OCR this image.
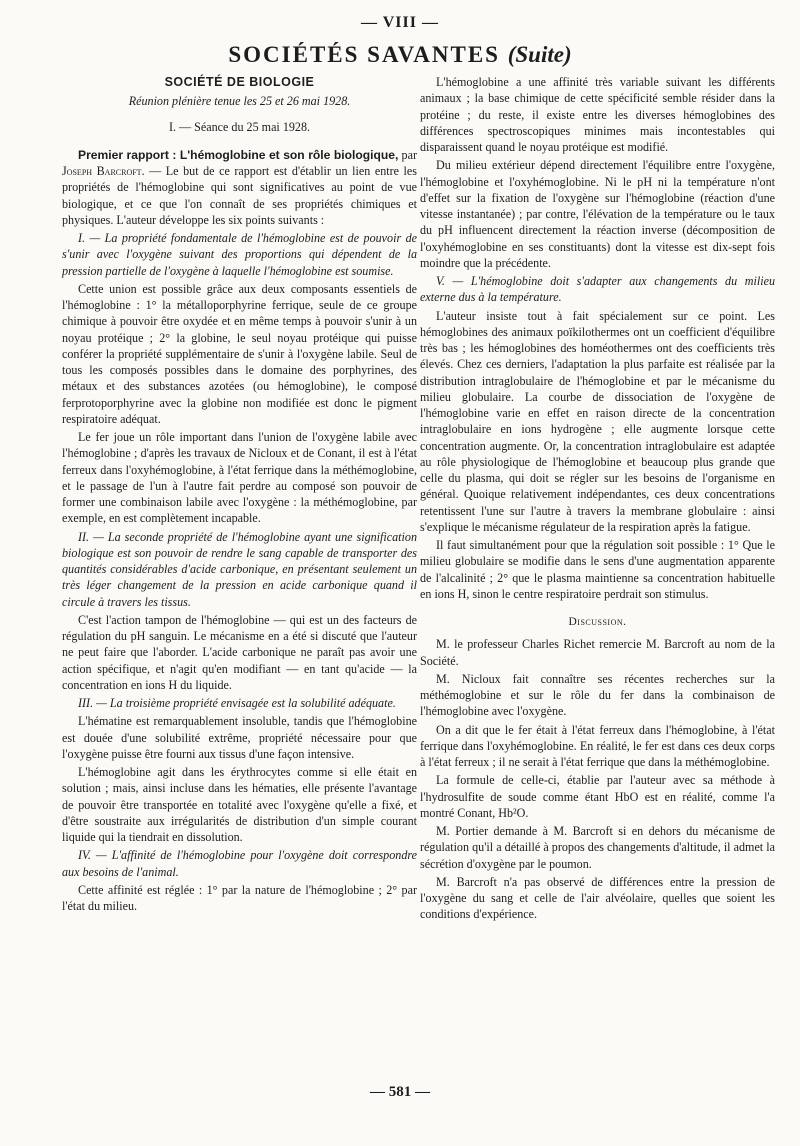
— VIII —
SOCIÉTÉS SAVANTES (Suite)
SOCIÉTÉ DE BIOLOGIE
Réunion plénière tenue les 25 et 26 mai 1928.
I. — Séance du 25 mai 1928.

Premier rapport : L'hémoglobine et son rôle biologique, par Joseph Barcroft. — Le but de ce rapport est d'établir un lien entre les propriétés de l'hémoglobine qui sont significatives au point de vue biologique, et ce que l'on connaît de ses propriétés chimiques et physiques. L'auteur développe les six points suivants :

I. — La propriété fondamentale de l'hémoglobine est de pouvoir de s'unir avec l'oxygène suivant des proportions qui dépendent de la pression partielle de l'oxygène à laquelle l'hémoglobine est soumise.

Cette union est possible grâce aux deux composants essentiels de l'hémoglobine : 1° la métalloporphyrine ferrique, seule de ce groupe chimique à pouvoir être oxydée et en même temps à pouvoir s'unir à un noyau protéique ; 2° la globine, le seul noyau protéique qui puisse conférer la propriété supplémentaire de s'unir à l'oxygène labile. Seul de tous les composés possibles dans le domaine des porphyrines, des métaux et des substances azotées (ou hémoglobine), le composé ferprotoporphyrine avec la globine non modifiée est donc le pigment respiratoire adéquat.

Le fer joue un rôle important dans l'union de l'oxygène labile avec l'hémoglobine ; d'après les travaux de Nicloux et de Conant, il est à l'état ferreux dans l'oxyhémoglobine, à l'état ferrique dans la méthémoglobine, et le passage de l'un à l'autre fait perdre au composé son pouvoir de former une combinaison labile avec l'oxygène : la méthémoglobine, par exemple, en est complètement incapable.

II. — La seconde propriété de l'hémoglobine ayant une signification biologique est son pouvoir de rendre le sang capable de transporter des quantités considérables d'acide carbonique, en présentant seulement un très léger changement de la pression en acide carbonique quand il circule à travers les tissus.

C'est l'action tampon de l'hémoglobine — qui est un des facteurs de régulation du pH sanguin. Le mécanisme en a été si discuté que l'auteur ne peut faire que l'aborder. L'acide carbonique ne paraît pas avoir une action spécifique, et n'agit qu'en modifiant — en tant qu'acide — la concentration en ions H du liquide.

III. — La troisième propriété envisagée est la solubilité adéquate.

L'hématine est remarquablement insoluble, tandis que l'hémoglobine est douée d'une solubilité extrême, propriété nécessaire pour que l'oxygène puisse être fourni aux tissus d'une façon intensive.

L'hémoglobine agit dans les érythrocytes comme si elle était en solution ; mais, ainsi incluse dans les hématies, elle présente l'avantage de pouvoir être transportée en totalité avec l'oxygène qu'elle a fixé, et d'être soustraite aux irrégularités de distribution d'un simple courant liquide qui la tiendrait en dissolution.

IV. — L'affinité de l'hémoglobine pour l'oxygène doit correspondre aux besoins de l'animal.

Cette affinité est réglée : 1° par la nature de l'hémoglobine ; 2° par l'état du milieu.

L'hémoglobine a une affinité très variable suivant les différents animaux ; la base chimique de cette spécificité semble résider dans la protéine ; du reste, il existe entre les diverses hémoglobines des différences spectroscopiques minimes mais incontestables qui disparaissent quand le noyau protéique est modifié.

Du milieu extérieur dépend directement l'équilibre entre l'oxygène, l'hémoglobine et l'oxyhémoglobine. Ni le pH ni la température n'ont d'effet sur la fixation de l'oxygène sur l'hémoglobine (réaction d'une vitesse instantanée) ; par contre, l'élévation de la température ou le taux du pH influencent directement la réaction inverse (décomposition de l'oxyhémoglobine en ses constituants) dont la vitesse est dix-sept fois moindre que la précédente.

V. — L'hémoglobine doit s'adapter aux changements du milieu externe dus à la température.

L'auteur insiste tout à fait spécialement sur ce point. Les hémoglobines des animaux poïkilothermes ont un coefficient d'équilibre très bas ; les hémoglobines des homéothermes ont des coefficients très élevés. Chez ces derniers, l'adaptation la plus parfaite est réalisée par la distribution intraglobulaire de l'hémoglobine et par le mécanisme du milieu globulaire. La courbe de dissociation de l'oxygène de l'hémoglobine varie en effet en raison directe de la concentration intraglobulaire en ions hydrogène ; elle augmente lorsque cette concentration augmente. Or, la concentration intraglobulaire est adaptée au rôle physiologique de l'hémoglobine et beaucoup plus grande que celle du plasma, qui doit se régler sur les besoins de l'organisme en général. Quoique relativement indépendantes, ces deux concentrations retentissent l'une sur l'autre à travers la membrane globulaire : ainsi s'explique le mécanisme régulateur de la respiration après la fatigue.

Il faut simultanément pour que la régulation soit possible : 1° Que le milieu globulaire se modifie dans le sens d'une augmentation apparente de l'alcalinité ; 2° que le plasma maintienne sa concentration habituelle en ions H, sinon le centre respiratoire perdrait son stimulus.

Discussion.

M. le professeur Charles Richet remercie M. Barcroft au nom de la Société.

M. Nicloux fait connaître ses récentes recherches sur la méthémoglobine et sur le rôle du fer dans la combinaison de l'hémoglobine avec l'oxygène.

On a dit que le fer était à l'état ferreux dans l'hémoglobine, à l'état ferrique dans l'oxyhémoglobine. En réalité, le fer est dans ces deux corps à l'état ferreux ; il ne serait à l'état ferrique que dans la méthémoglobine.

La formule de celle-ci, établie par l'auteur avec sa méthode à l'hydrosulfite de soude comme étant HbO est en réalité, comme l'a montré Conant, Hb²O.

M. Portier demande à M. Barcroft si en dehors du mécanisme de régulation qu'il a détaillé à propos des changements d'altitude, il admet la sécrétion d'oxygène par le poumon.

M. Barcroft n'a pas observé de différences entre la pression de l'oxygène du sang et celle de l'air alvéolaire, quelles que soient les conditions d'expérience.

— 581 —
